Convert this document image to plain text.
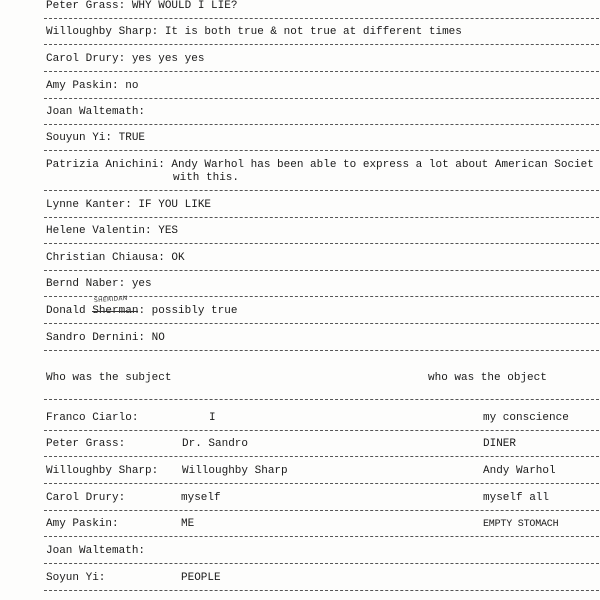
Peter Grass: WHY WOULD I LIE?
Willoughby Sharp: It is both true & not true at different times
Carol Drury: yes yes yes
Amy Paskin: no
Joan Waltemath:
Souyun Yi: TRUE
Patrizia Anichini: Andy Warhol has been able to express a lot about American Societ
with this.
Lynne Kanter: IF YOU LIKE
Helene Valentin: YES
Christian Chiausa: OK
Bernd Naber: yes
SHERIDAN
Donald Sherman: possibly true
Sandro Dernini: NO
Who was the subject	who was the object
Franco Ciarlo:	I	my conscience
Peter Grass:	Dr. Sandro	DINER
Willoughby Sharp: Willoughby Sharp	Andy Warhol
Carol Drury:	myself	myself all
Amy Paskin:	ME	EMPTY STOMACH
Joan Waltemath:
Soyun Yi:	PEOPLE
